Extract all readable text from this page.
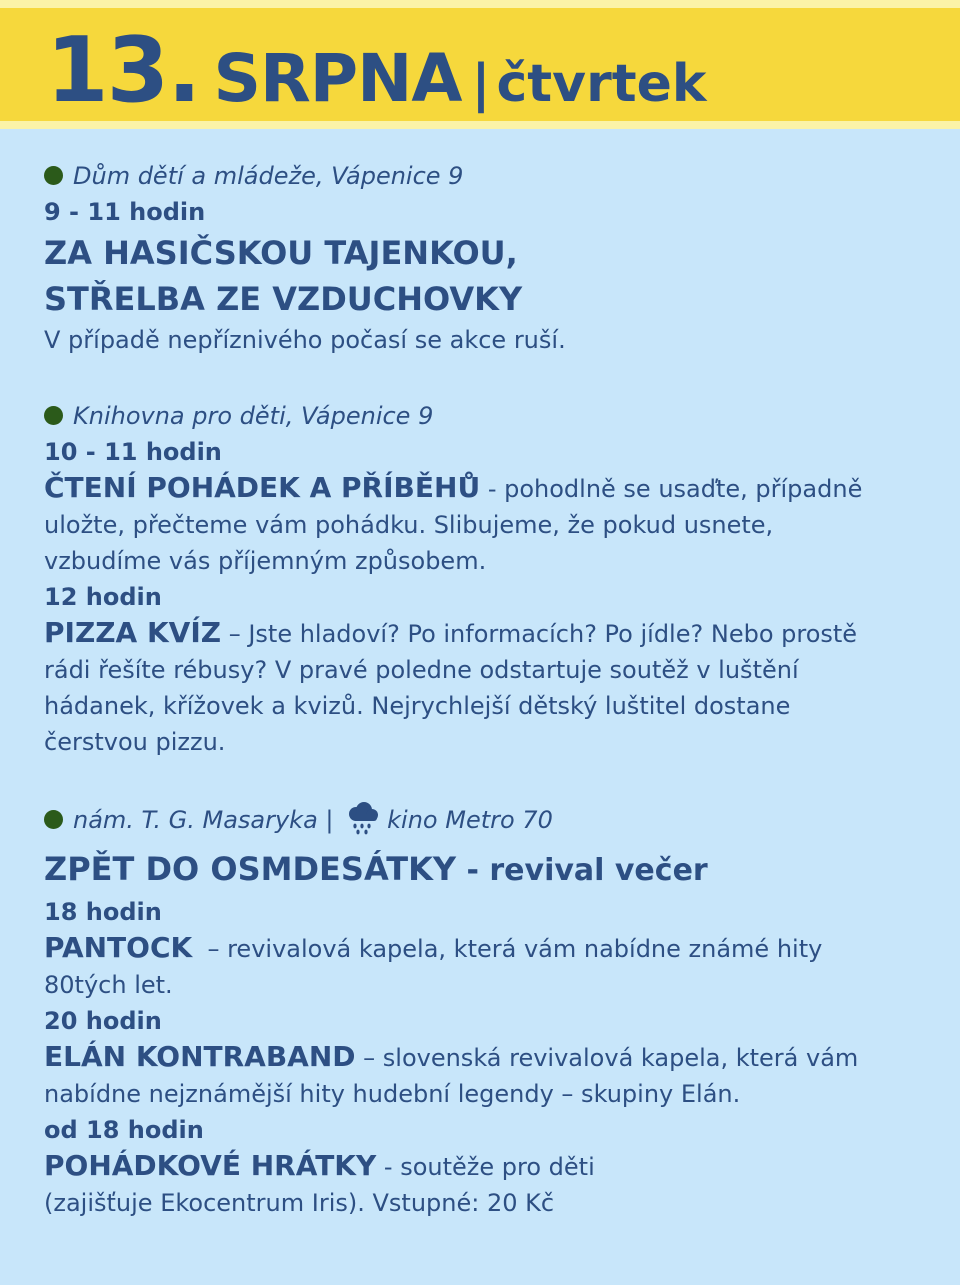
13. SRPNA | čtvrtek
Dům dětí a mládeže, Vápenice 9
9 - 11 hodin
ZA HASIČSKOU TAJENKOU,
STŘELBA ZE VZDUCHOVKY
V případě nepříznivého počasí se akce ruší.
Knihovna pro děti, Vápenice 9
10 - 11 hodin
ČTENÍ POHÁDEK A PŘÍBĚHŮ - pohodlně se usaďte, případně
uložte, přečteme vám pohádku. Slibujeme, že pokud usnete,
vzbudíme vás příjemným způsobem.
12 hodin
PIZZA KVÍZ – Jste hladoví? Po informacích? Po jídle? Nebo prostě
rádi řešíte rébusy? V pravé poledne odstartuje soutěž v luštění
hádanek, křížovek a kvizů. Nejrychlejší dětský luštitel dostane
čerstvou pizzu.
nám. T. G. Masaryka | kino Metro 70
ZPĚT DO OSMDESÁTKY - revival večer
18 hodin
PANTOCK  – revivalová kapela, která vám nabídne známé hity
80tých let.
20 hodin
ELÁN KONTRABAND – slovenská revivalová kapela, která vám
nabídne nejznámější hity hudební legendy – skupiny Elán.
od 18 hodin
POHÁDKOVÉ HRÁTKY - soutěže pro děti
(zajišťuje Ekocentrum Iris). Vstupné: 20 Kč
